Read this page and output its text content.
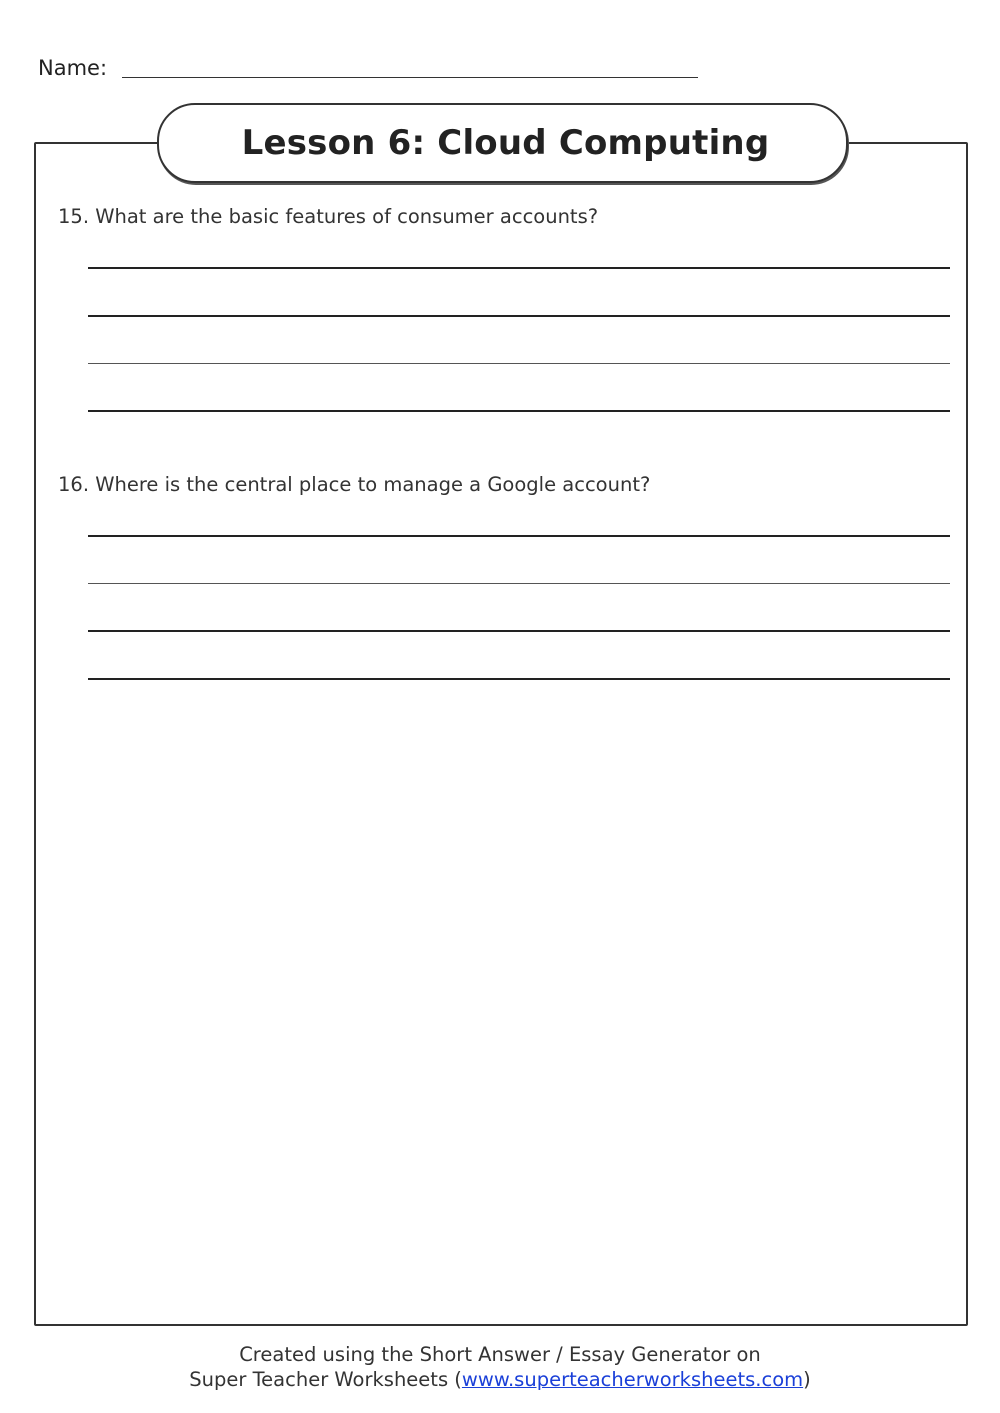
Name:
Lesson 6: Cloud Computing
15. What are the basic features of consumer accounts?
16. Where is the central place to manage a Google account?
Created using the Short Answer / Essay Generator on
Super Teacher Worksheets (www.superteacherworksheets.com)
